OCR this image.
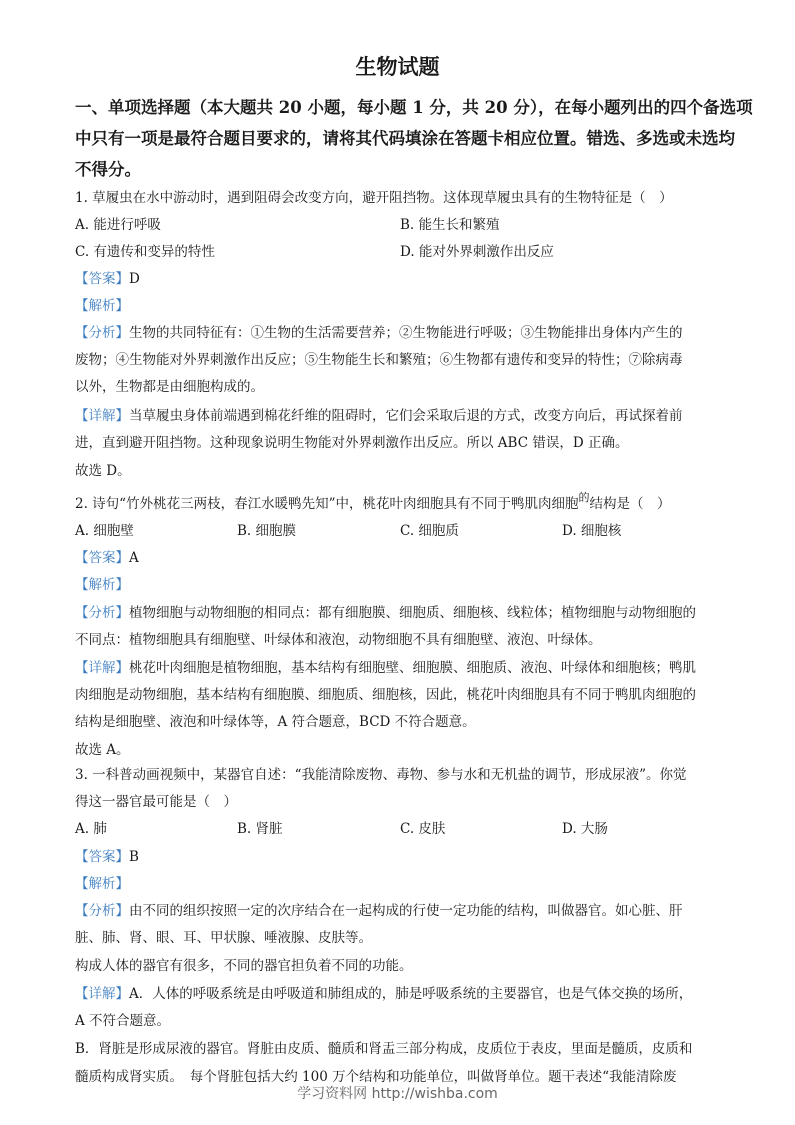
生物试题
一、单项选择题（本大题共 20 小题，每小题 1 分，共 20 分），在每小题列出的四个备选项
中只有一项是最符合题目要求的，请将其代码填涂在答题卡相应位置。错选、多选或未选均
不得分。
1. 草履虫在水中游动时，遇到阻碍会改变方向，避开阻挡物。这体现草履虫具有的生物特征是（　）
A. 能进行呼吸	B. 能生长和繁殖
C. 有遗传和变异的特性	D. 能对外界刺激作出反应
【答案】D
【解析】
【分析】生物的共同特征有：①生物的生活需要营养；②生物能进行呼吸；③生物能排出身体内产生的
废物；④生物能对外界刺激作出反应；⑤生物能生长和繁殖；⑥生物都有遗传和变异的特性；⑦除病毒
以外，生物都是由细胞构成的。
【详解】当草履虫身体前端遇到棉花纤维的阻碍时，它们会采取后退的方式，改变方向后，再试探着前
进，直到避开阻挡物。这种现象说明生物能对外界刺激作出反应。所以 ABC 错误，D 正确。
故选 D。
2. 诗句“竹外桃花三两枝，春江水暖鸭先知”中，桃花叶肉细胞具有不同于鸭肌肉细胞$^的$结构是（　）
A. 细胞壁	B. 细胞膜	C. 细胞质	D. 细胞核
【答案】A
【解析】
【分析】植物细胞与动物细胞的相同点：都有细胞膜、细胞质、细胞核、线粒体；植物细胞与动物细胞的
不同点：植物细胞具有细胞壁、叶绿体和液泡，动物细胞不具有细胞壁、液泡、叶绿体。
【详解】桃花叶肉细胞是植物细胞，基本结构有细胞壁、细胞膜、细胞质、液泡、叶绿体和细胞核；鸭肌
肉细胞是动物细胞，基本结构有细胞膜、细胞质、细胞核，因此，桃花叶肉细胞具有不同于鸭肌肉细胞的
结构是细胞壁、液泡和叶绿体等，A 符合题意，BCD 不符合题意。
故选 A。
3. 一科普动画视频中，某器官自述：“我能清除废物、毒物、参与水和无机盐的调节，形成尿液”。你觉
得这一器官最可能是（　）
A. 肺	B. 肾脏	C. 皮肤	D. 大肠
【答案】B
【解析】
【分析】由不同的组织按照一定的次序结合在一起构成的行使一定功能的结构，叫做器官。如心脏、肝
脏、肺、肾、眼、耳、甲状腺、唾液腺、皮肤等。
构成人体的器官有很多，不同的器官担负着不同的功能。
【详解】A．人体的呼吸系统是由呼吸道和肺组成的，肺是呼吸系统的主要器官，也是气体交换的场所，
A 不符合题意。
B．肾脏是形成尿液的器官。肾脏由皮质、髓质和肾盂三部分构成，皮质位于表皮，里面是髓质，皮质和
髓质构成肾实质。　每个肾脏包括大约 100 万个结构和功能单位，叫做肾单位。题干表述“我能清除废
学习资料网 http://wishba.com
